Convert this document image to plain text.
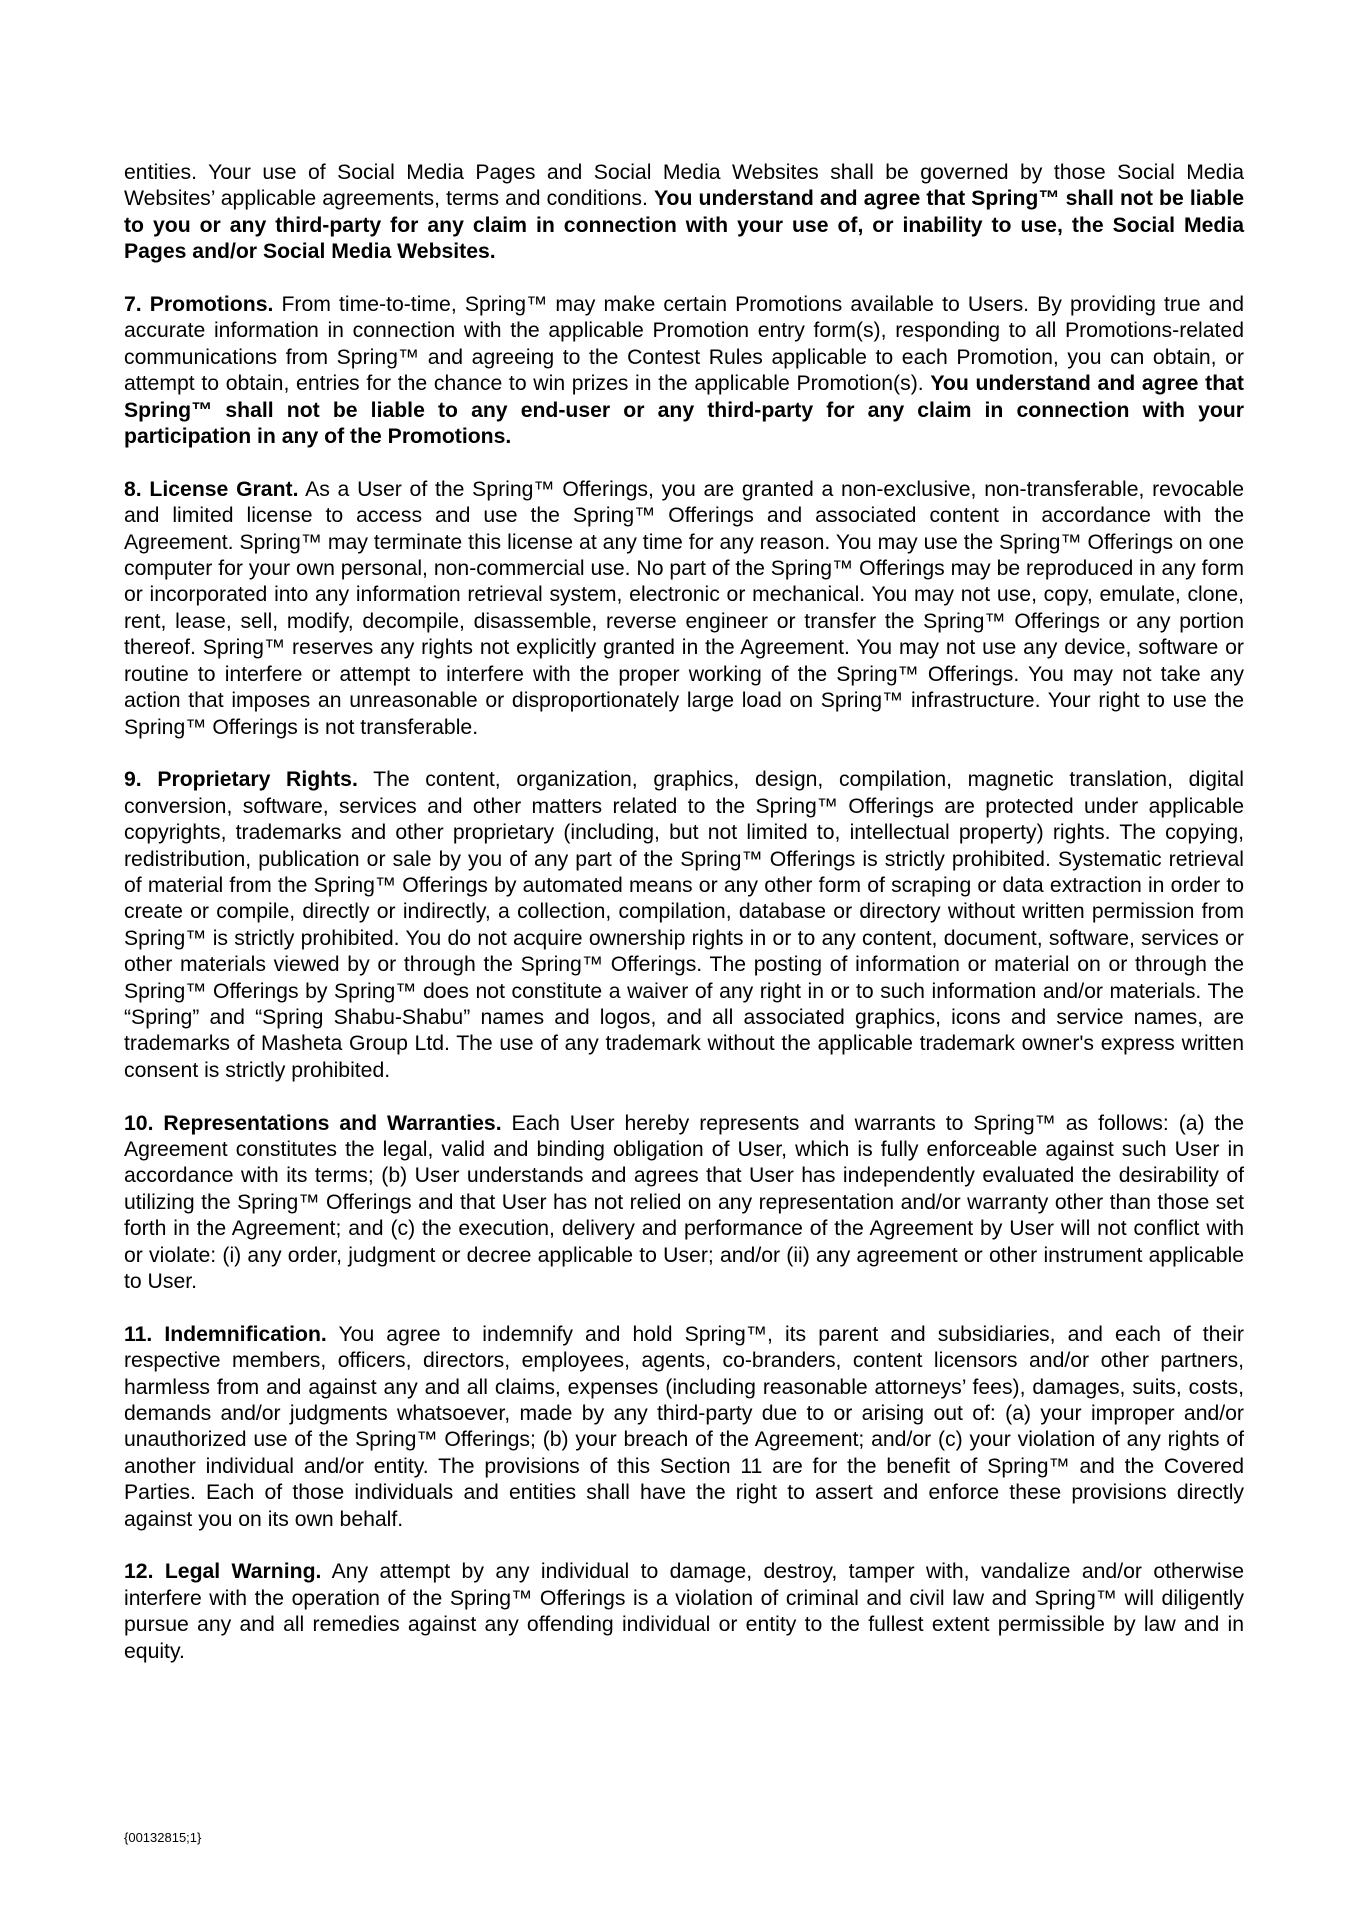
entities. Your use of Social Media Pages and Social Media Websites shall be governed by those Social Media Websites’ applicable agreements, terms and conditions. You understand and agree that Spring™ shall not be liable to you or any third-party for any claim in connection with your use of, or inability to use, the Social Media Pages and/or Social Media Websites.

7. Promotions. From time-to-time, Spring™ may make certain Promotions available to Users. By providing true and accurate information in connection with the applicable Promotion entry form(s), responding to all Promotions-related communications from Spring™ and agreeing to the Contest Rules applicable to each Promotion, you can obtain, or attempt to obtain, entries for the chance to win prizes in the applicable Promotion(s). You understand and agree that Spring™ shall not be liable to any end-user or any third-party for any claim in connection with your participation in any of the Promotions.

8. License Grant. As a User of the Spring™ Offerings, you are granted a non-exclusive, non-transferable, revocable and limited license to access and use the Spring™ Offerings and associated content in accordance with the Agreement. Spring™ may terminate this license at any time for any reason. You may use the Spring™ Offerings on one computer for your own personal, non-commercial use. No part of the Spring™ Offerings may be reproduced in any form or incorporated into any information retrieval system, electronic or mechanical. You may not use, copy, emulate, clone, rent, lease, sell, modify, decompile, disassemble, reverse engineer or transfer the Spring™ Offerings or any portion thereof. Spring™ reserves any rights not explicitly granted in the Agreement. You may not use any device, software or routine to interfere or attempt to interfere with the proper working of the Spring™ Offerings. You may not take any action that imposes an unreasonable or disproportionately large load on Spring™ infrastructure. Your right to use the Spring™ Offerings is not transferable.

9. Proprietary Rights. The content, organization, graphics, design, compilation, magnetic translation, digital conversion, software, services and other matters related to the Spring™ Offerings are protected under applicable copyrights, trademarks and other proprietary (including, but not limited to, intellectual property) rights. The copying, redistribution, publication or sale by you of any part of the Spring™ Offerings is strictly prohibited. Systematic retrieval of material from the Spring™ Offerings by automated means or any other form of scraping or data extraction in order to create or compile, directly or indirectly, a collection, compilation, database or directory without written permission from Spring™ is strictly prohibited. You do not acquire ownership rights in or to any content, document, software, services or other materials viewed by or through the Spring™ Offerings. The posting of information or material on or through the Spring™ Offerings by Spring™ does not constitute a waiver of any right in or to such information and/or materials. The “Spring” and “Spring Shabu-Shabu” names and logos, and all associated graphics, icons and service names, are trademarks of Masheta Group Ltd. The use of any trademark without the applicable trademark owner's express written consent is strictly prohibited.

10. Representations and Warranties. Each User hereby represents and warrants to Spring™ as follows: (a) the Agreement constitutes the legal, valid and binding obligation of User, which is fully enforceable against such User in accordance with its terms; (b) User understands and agrees that User has independently evaluated the desirability of utilizing the Spring™ Offerings and that User has not relied on any representation and/or warranty other than those set forth in the Agreement; and (c) the execution, delivery and performance of the Agreement by User will not conflict with or violate: (i) any order, judgment or decree applicable to User; and/or (ii) any agreement or other instrument applicable to User.

11. Indemnification. You agree to indemnify and hold Spring™, its parent and subsidiaries, and each of their respective members, officers, directors, employees, agents, co-branders, content licensors and/or other partners, harmless from and against any and all claims, expenses (including reasonable attorneys’ fees), damages, suits, costs, demands and/or judgments whatsoever, made by any third-party due to or arising out of: (a) your improper and/or unauthorized use of the Spring™ Offerings; (b) your breach of the Agreement; and/or (c) your violation of any rights of another individual and/or entity. The provisions of this Section 11 are for the benefit of Spring™ and the Covered Parties. Each of those individuals and entities shall have the right to assert and enforce these provisions directly against you on its own behalf.

12. Legal Warning. Any attempt by any individual to damage, destroy, tamper with, vandalize and/or otherwise interfere with the operation of the Spring™ Offerings is a violation of criminal and civil law and Spring™ will diligently pursue any and all remedies against any offending individual or entity to the fullest extent permissible by law and in equity.

{00132815;1}
